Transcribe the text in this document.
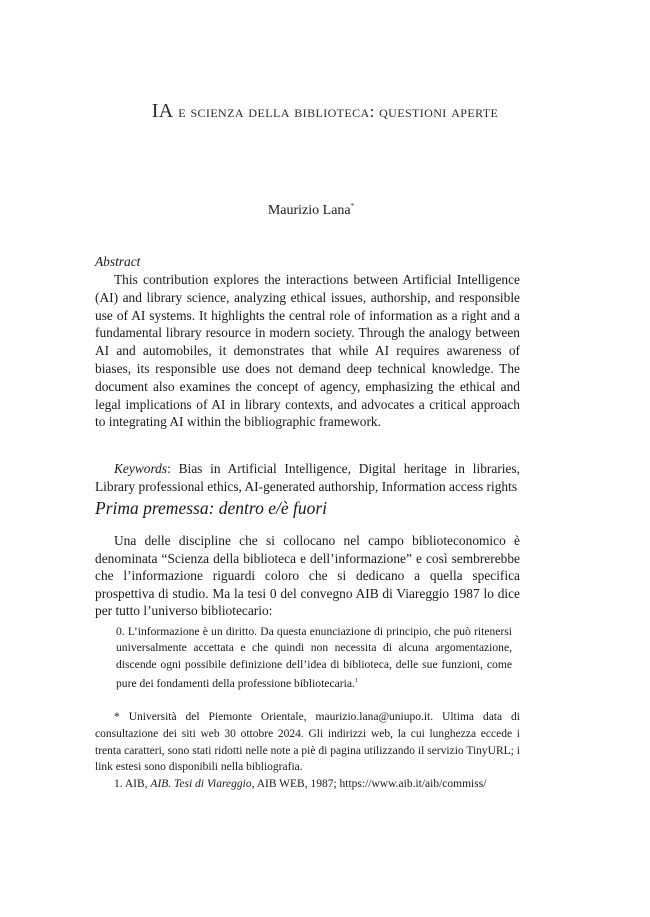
IA e scienza della biblioteca: questioni aperte
Maurizio Lana*
Abstract
This contribution explores the interactions between Artificial Intelligence (AI) and library science, analyzing ethical issues, authorship, and responsible use of AI systems. It highlights the central role of information as a right and a fundamental library resource in modern society. Through the analogy between AI and automobiles, it demonstrates that while AI requires awareness of biases, its responsible use does not demand deep technical knowledge. The document also examines the concept of agency, emphasizing the ethical and legal implications of AI in library contexts, and advocates a critical approach to integrating AI within the bibliographic framework.
Keywords: Bias in Artificial Intelligence, Digital heritage in libraries, Library professional ethics, AI-generated authorship, Information access rights
Prima premessa: dentro e/è fuori
Una delle discipline che si collocano nel campo biblioteconomico è denominata “Scienza della biblioteca e dell’informazione” e così sembrerebbe che l’informazione riguardi coloro che si dedicano a quella specifica prospettiva di studio. Ma la tesi 0 del convegno AIB di Viareggio 1987 lo dice per tutto l’universo bibliotecario:
0. L’informazione è un diritto. Da questa enunciazione di principio, che può ritenersi universalmente accettata e che quindi non necessita di alcuna argomentazione, discende ogni possibile definizione dell’idea di biblioteca, delle sue funzioni, come pure dei fondamenti della professione bibliotecaria.$^1$
* Università del Piemonte Orientale, maurizio.lana@uniupo.it. Ultima data di consultazione dei siti web 30 ottobre 2024. Gli indirizzi web, la cui lunghezza eccede i trenta caratteri, sono stati ridotti nelle note a piè di pagina utilizzando il servizio TinyURL; i link estesi sono disponibili nella bibliografia.
1. AIB, AIB. Tesi di Viareggio, AIB WEB, 1987; https://www.aib.it/aib/commiss/
